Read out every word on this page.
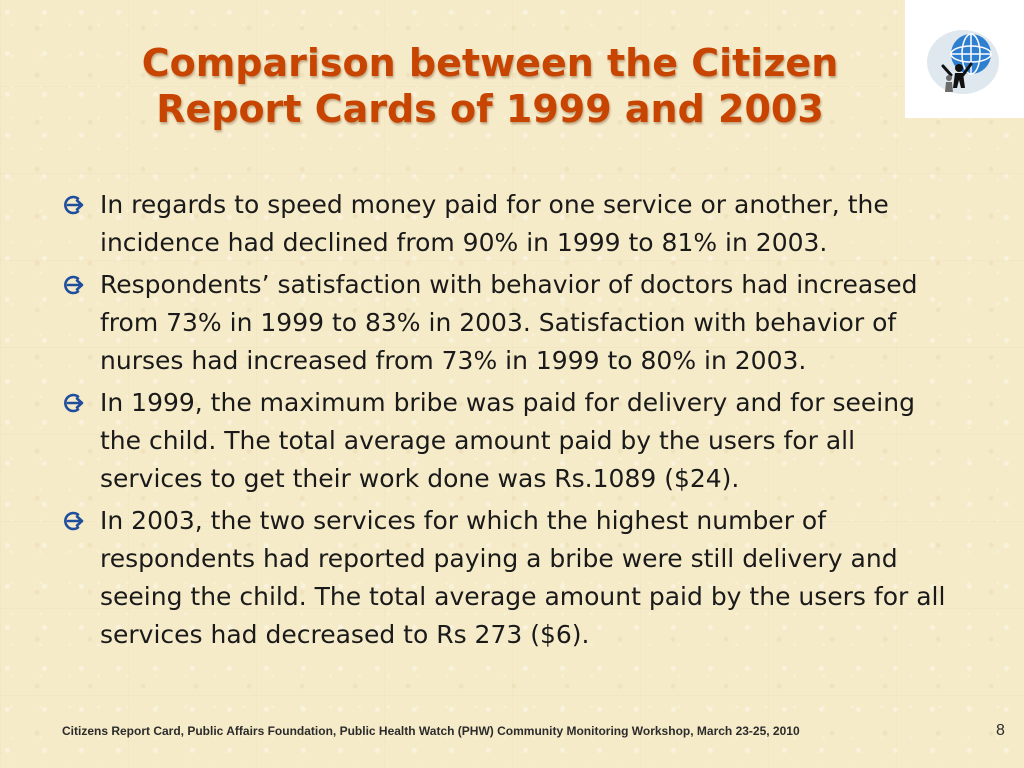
Comparison between the Citizen
Report Cards of 1999 and 2003
In regards to speed money paid for one service or another, the incidence had declined from 90% in 1999 to 81% in 2003.
Respondents’ satisfaction with behavior of doctors had increased from 73% in 1999 to 83% in 2003. Satisfaction with behavior of nurses had increased from 73% in 1999 to 80% in 2003.
In 1999, the maximum bribe was paid for delivery and for seeing the child. The total average amount paid by the users for all services to get their work done was Rs.1089 ($24).
In 2003, the two services for which the highest number of respondents had reported paying a bribe were still delivery and seeing the child. The total average amount paid by the users for all services had decreased to Rs 273 ($6).
Citizens Report Card, Public Affairs Foundation, Public Health Watch (PHW) Community Monitoring Workshop, March 23-25, 2010	8
